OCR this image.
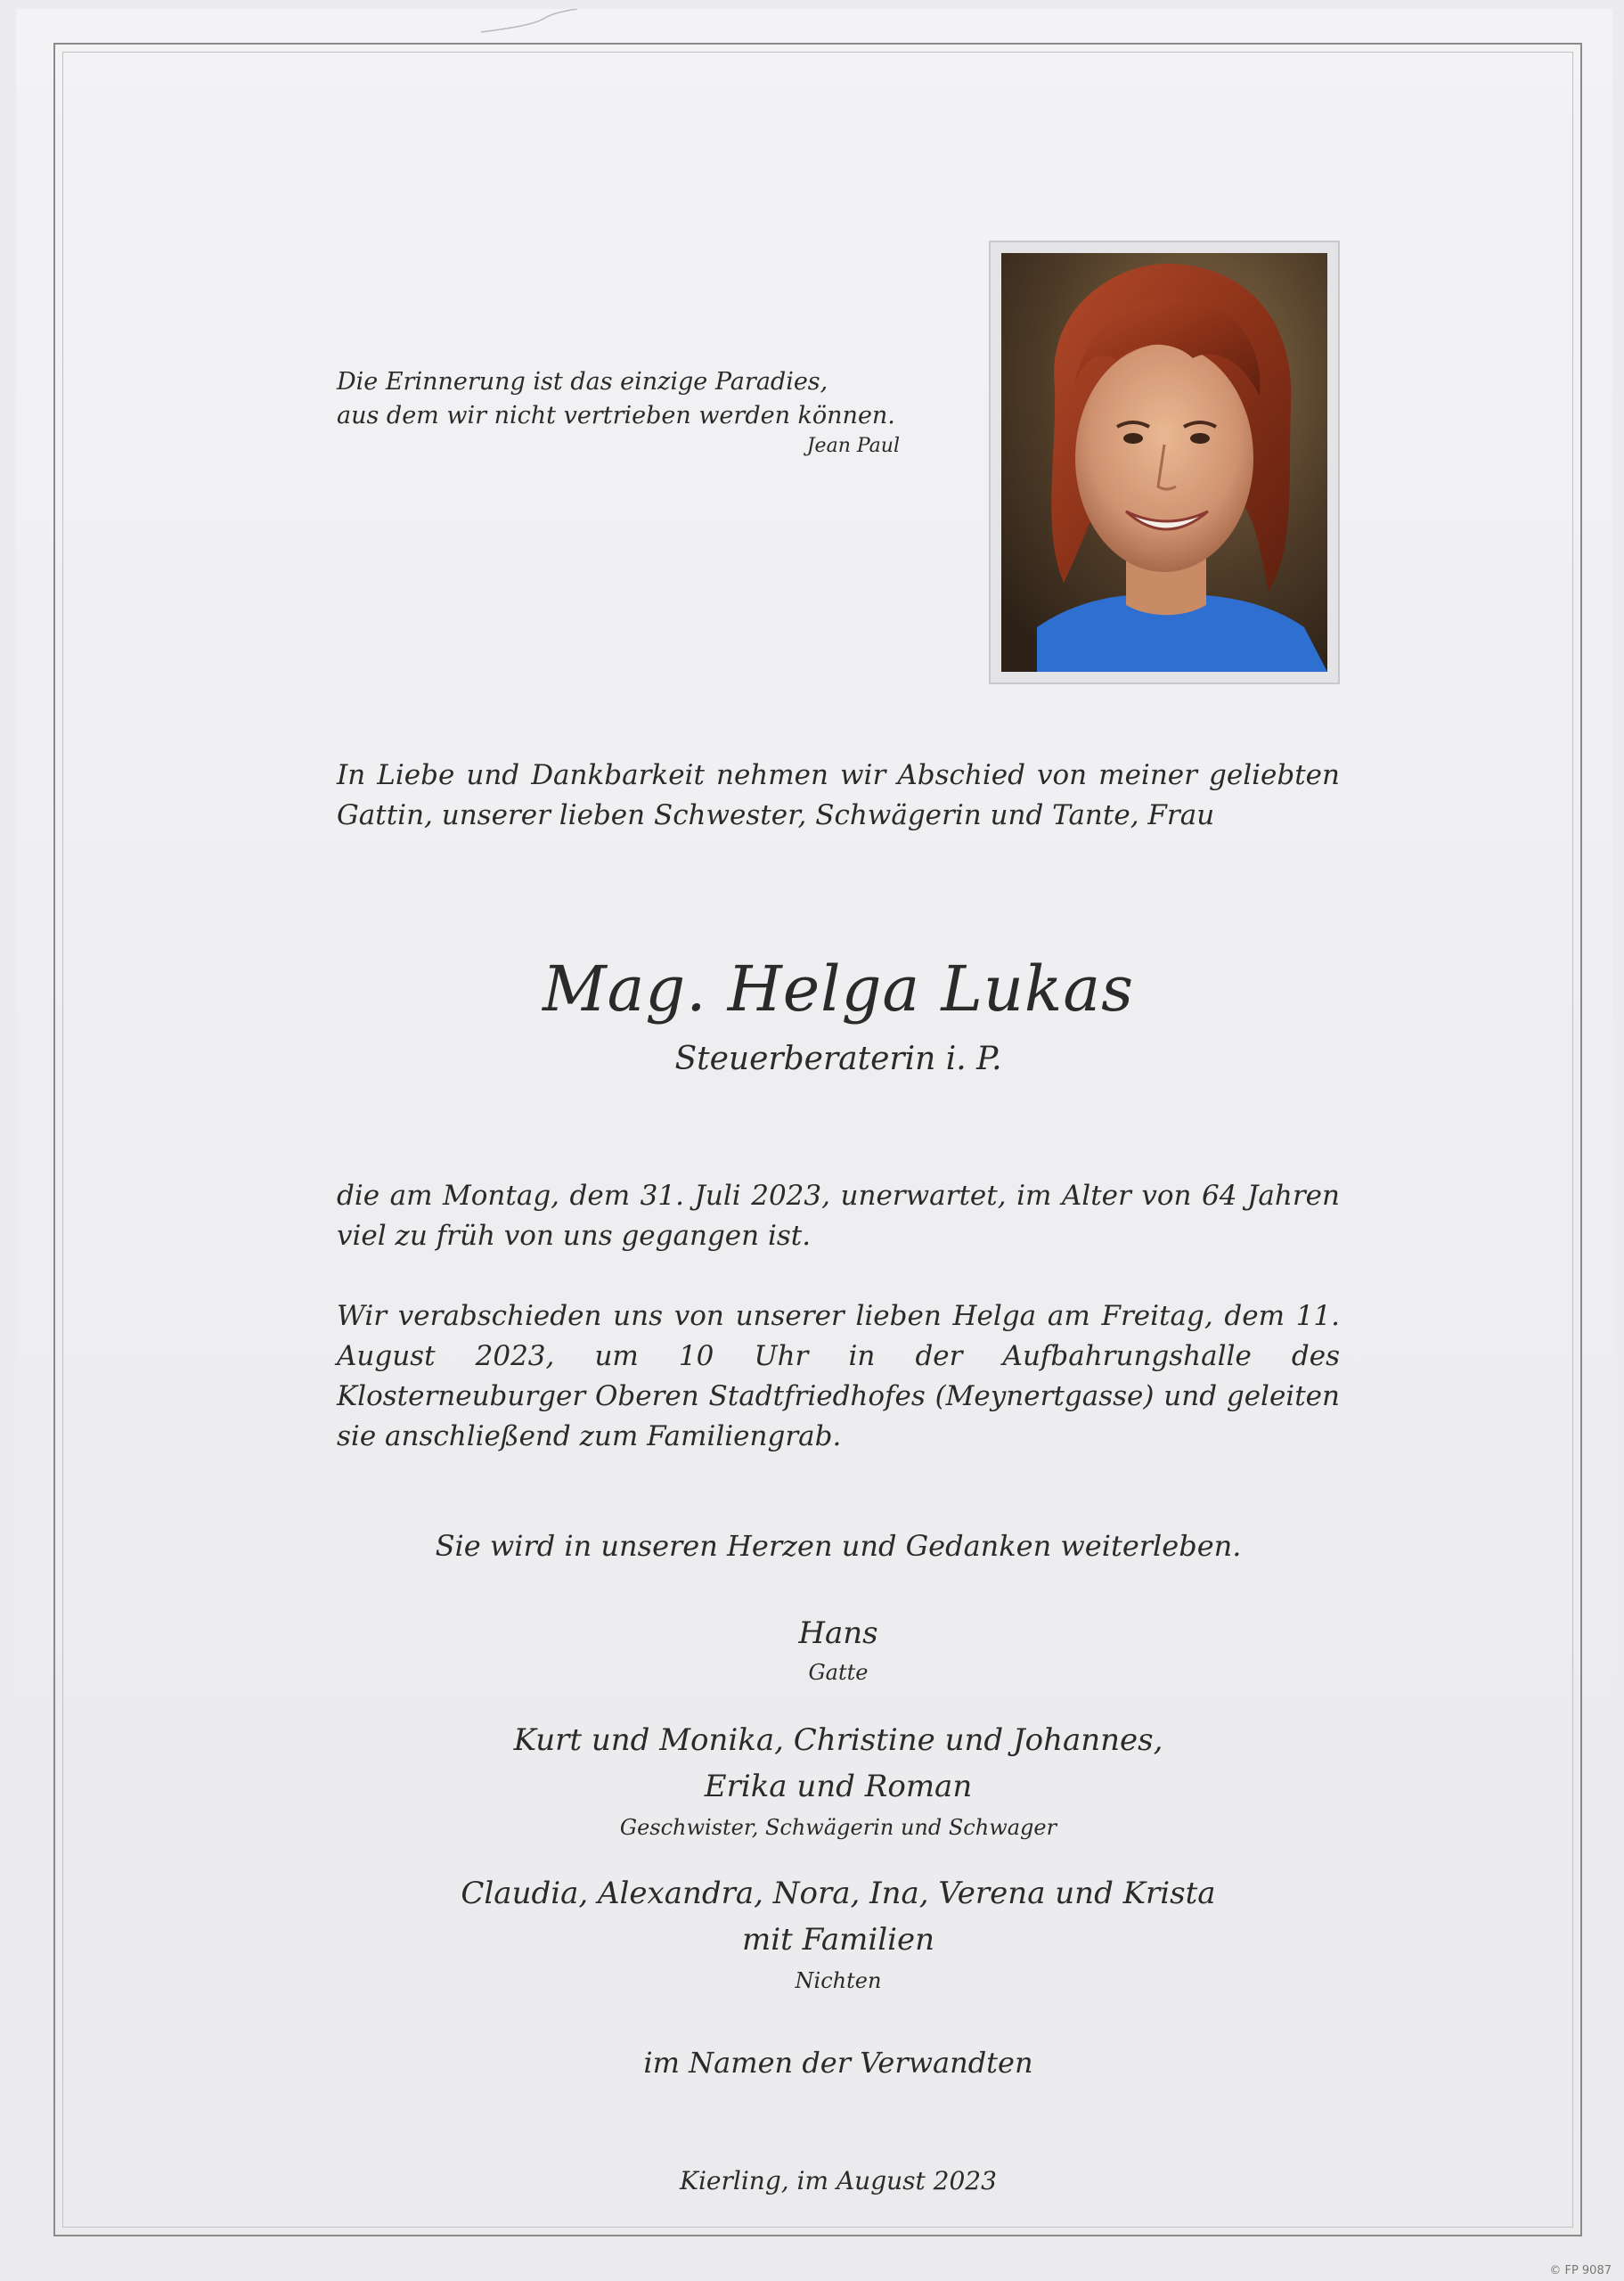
Die Erinnerung ist das einzige Paradies,
aus dem wir nicht vertrieben werden können.
Jean Paul
In Liebe und Dankbarkeit nehmen wir Abschied von meiner geliebten Gattin, unserer lieben Schwester, Schwägerin und Tante, Frau
Mag. Helga Lukas
Steuerberaterin i. P.
die am Montag, dem 31. Juli 2023, unerwartet, im Alter von 64 Jahren viel zu früh von uns gegangen ist.
Wir verabschieden uns von unserer lieben Helga am Freitag, dem 11. August 2023, um 10 Uhr in der Aufbahrungshalle des Klosterneuburger Oberen Stadtfriedhofes (Meynertgasse) und geleiten sie anschließend zum Familiengrab.
Sie wird in unseren Herzen und Gedanken weiterleben.
Hans
Gatte
Kurt und Monika, Christine und Johannes,
Erika und Roman
Geschwister, Schwägerin und Schwager
Claudia, Alexandra, Nora, Ina, Verena und Krista
mit Familien
Nichten
im Namen der Verwandten
Kierling, im August 2023
© FP 9087
